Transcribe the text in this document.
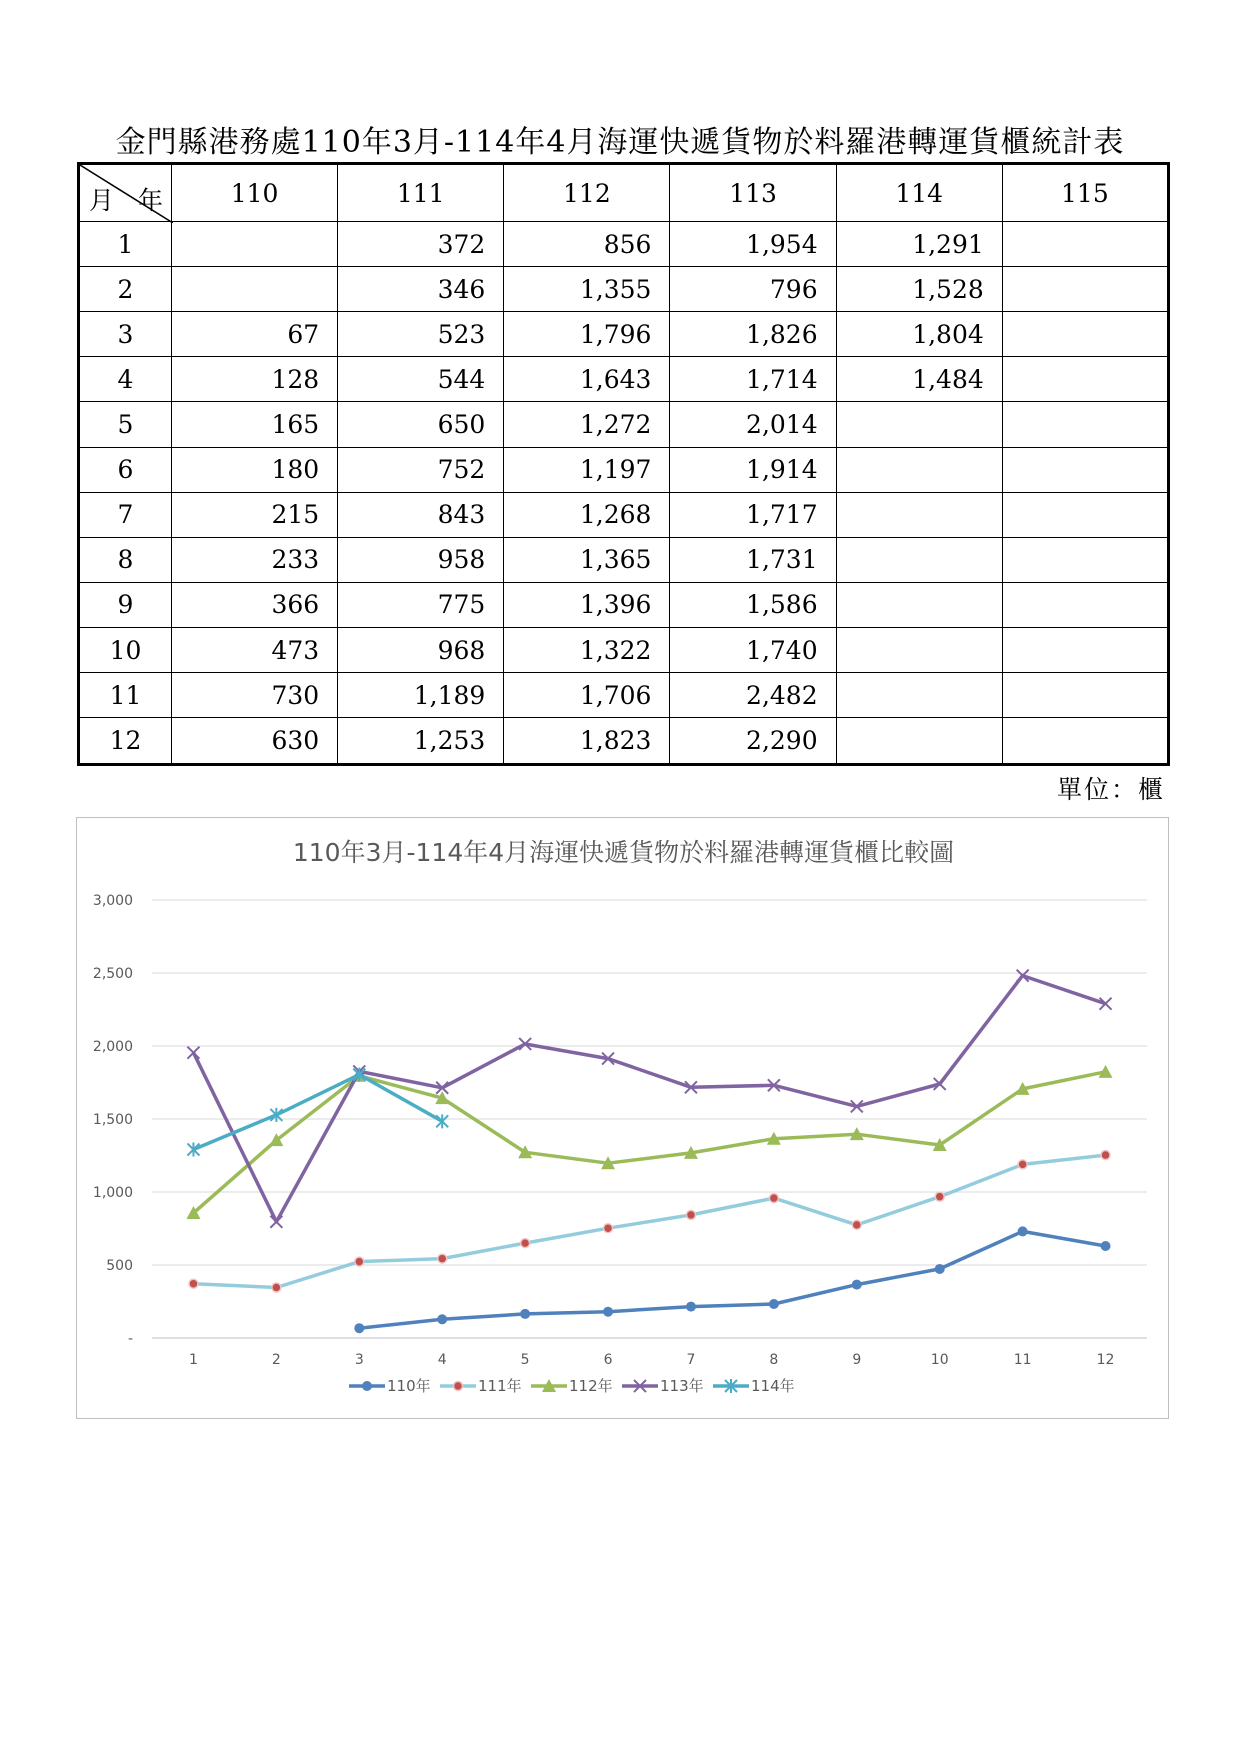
金門縣港務處110年3月-114年4月海運快遞貨物於料羅港轉運貨櫃統計表
月 年	110	111	112	113	114	115
1		372	856	1,954	1,291	
2		346	1,355	796	1,528	
3	67	523	1,796	1,826	1,804	
4	128	544	1,643	1,714	1,484	
5	165	650	1,272	2,014		
6	180	752	1,197	1,914		
7	215	843	1,268	1,717		
8	233	958	1,365	1,731		
9	366	775	1,396	1,586		
10	473	968	1,322	1,740		
11	730	1,189	1,706	2,482		
12	630	1,253	1,823	2,290		
單位：櫃
110年3月-114年4月海運快遞貨物於料羅港轉運貨櫃比較圖
-
500
1,000
1,500
2,000
2,500
3,000
1	2	3	4	5	6	7	8	9	10	11	12
110年	111年	112年	113年	114年
